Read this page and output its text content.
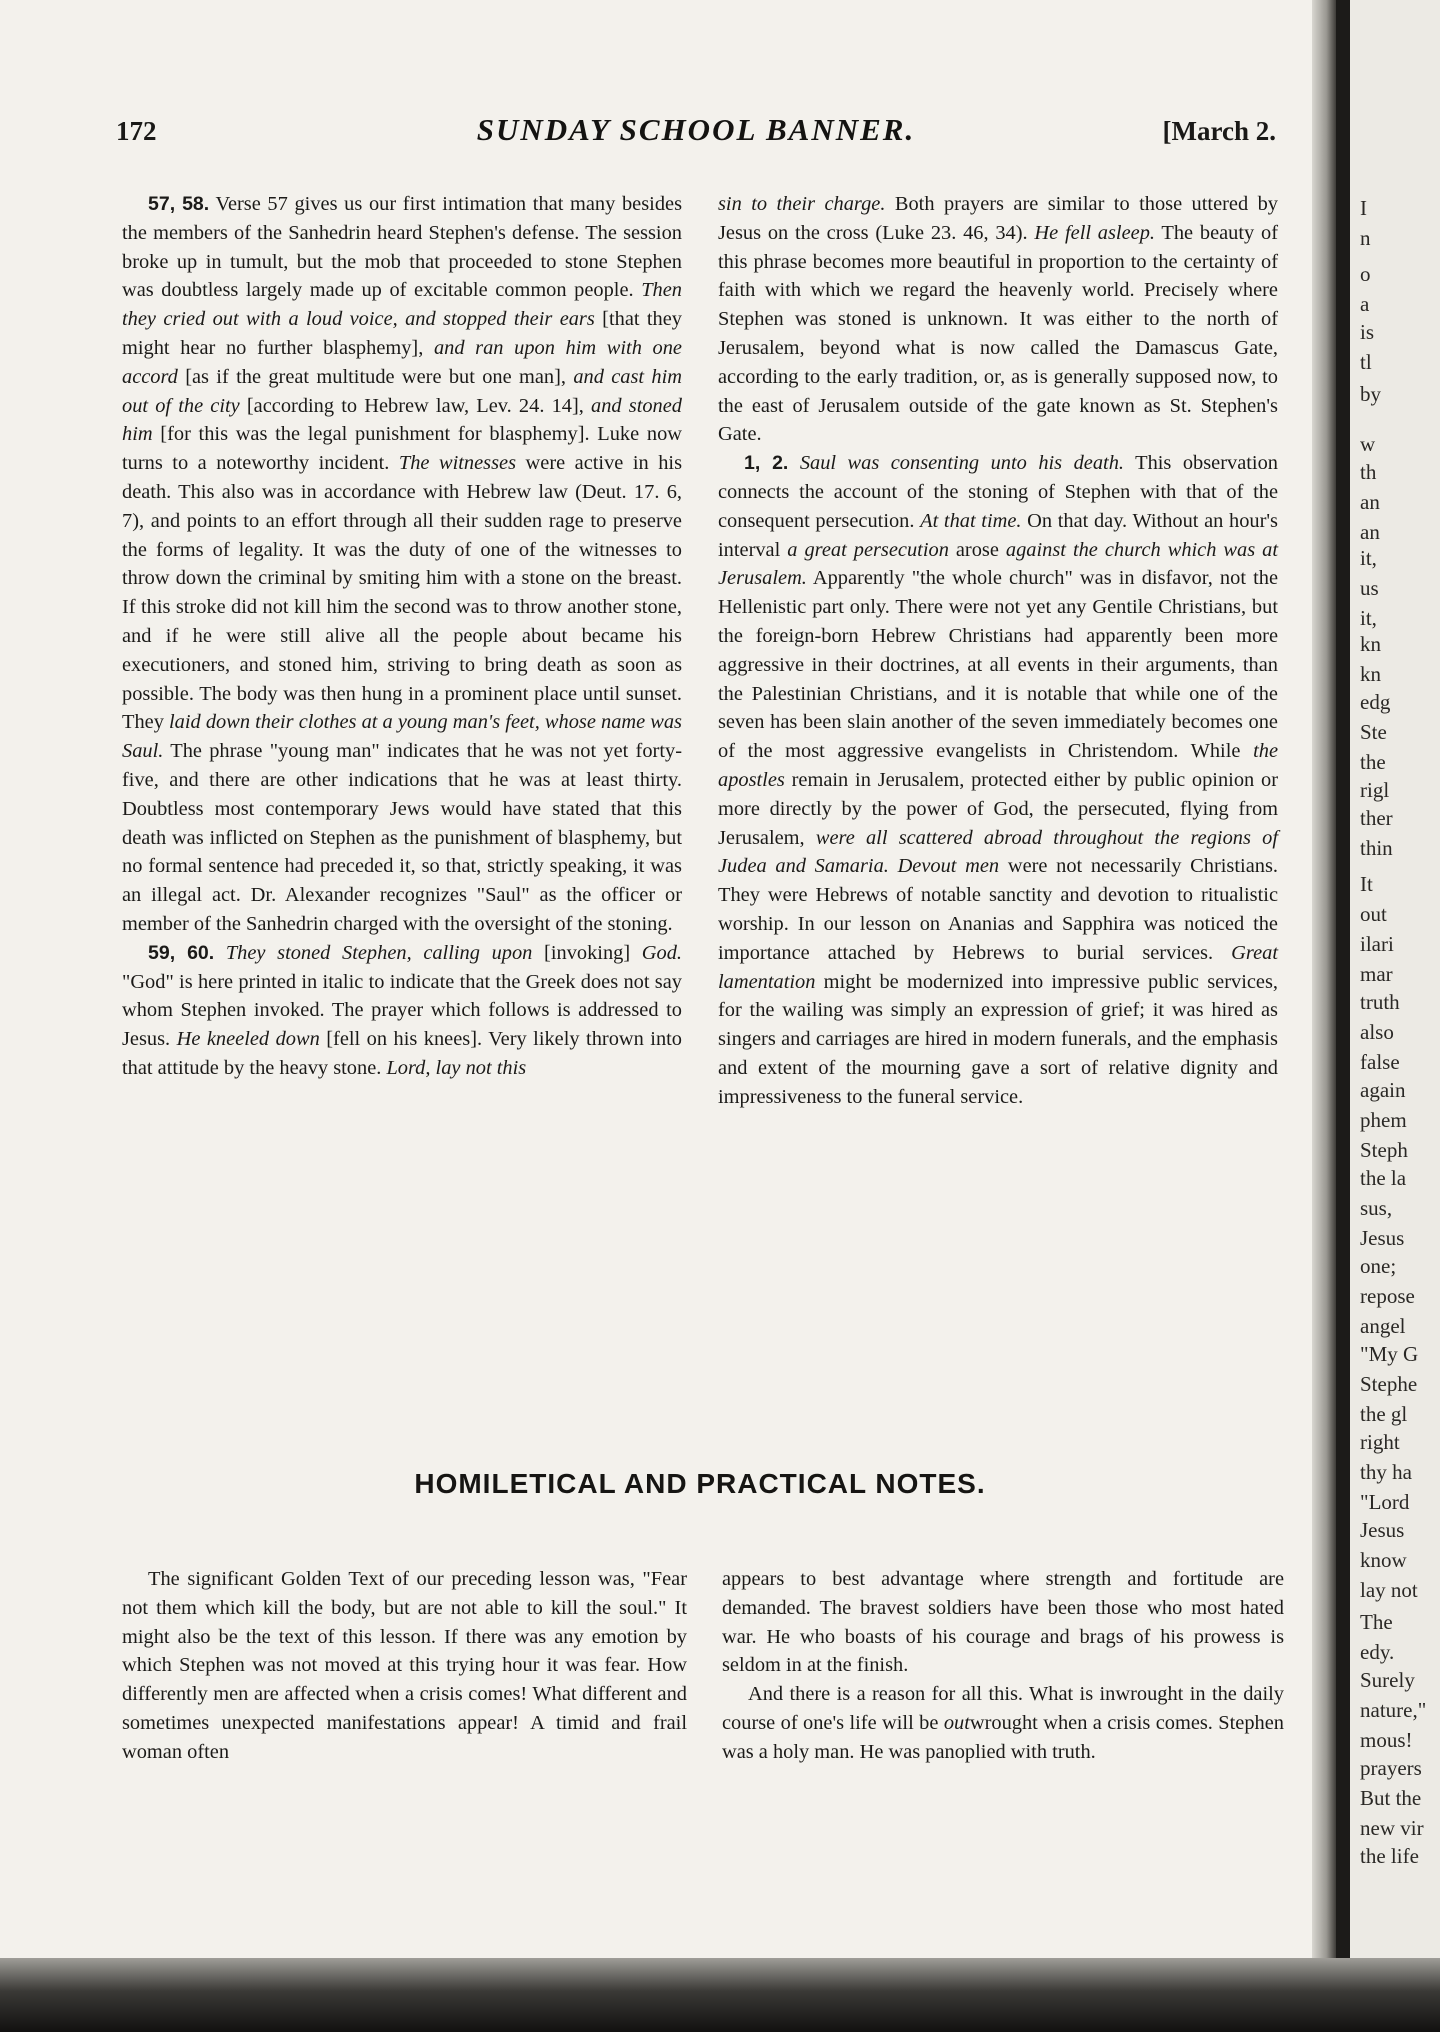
172	SUNDAY SCHOOL BANNER.	[March 2.

57, 58. Verse 57 gives us our first intimation that many besides the members of the Sanhedrin heard Stephen's defense. The session broke up in tumult, but the mob that proceeded to stone Stephen was doubtless largely made up of excitable common people. Then they cried out with a loud voice, and stopped their ears [that they might hear no further blasphemy], and ran upon him with one accord [as if the great multitude were but one man], and cast him out of the city [according to Hebrew law, Lev. 24. 14], and stoned him [for this was the legal punishment for blasphemy]. Luke now turns to a noteworthy incident. The witnesses were active in his death. This also was in accordance with Hebrew law (Deut. 17. 6, 7), and points to an effort through all their sudden rage to preserve the forms of legality. It was the duty of one of the witnesses to throw down the criminal by smiting him with a stone on the breast. If this stroke did not kill him the second was to throw another stone, and if he were still alive all the people about became his executioners, and stoned him, striving to bring death as soon as possible. The body was then hung in a prominent place until sunset. They laid down their clothes at a young man's feet, whose name was Saul. The phrase "young man" indicates that he was not yet forty-five, and there are other indications that he was at least thirty. Doubtless most contemporary Jews would have stated that this death was inflicted on Stephen as the punishment of blasphemy, but no formal sentence had preceded it, so that, strictly speaking, it was an illegal act. Dr. Alexander recognizes "Saul" as the officer or member of the Sanhedrin charged with the oversight of the stoning.

59, 60. They stoned Stephen, calling upon [invoking] God. "God" is here printed in italic to indicate that the Greek does not say whom Stephen invoked. The prayer which follows is addressed to Jesus. He kneeled down [fell on his knees]. Very likely thrown into that attitude by the heavy stone. Lord, lay not this

sin to their charge. Both prayers are similar to those uttered by Jesus on the cross (Luke 23. 46, 34). He fell asleep. The beauty of this phrase becomes more beautiful in proportion to the certainty of faith with which we regard the heavenly world. Precisely where Stephen was stoned is unknown. It was either to the north of Jerusalem, beyond what is now called the Damascus Gate, according to the early tradition, or, as is generally supposed now, to the east of Jerusalem outside of the gate known as St. Stephen's Gate.

1, 2. Saul was consenting unto his death. This observation connects the account of the stoning of Stephen with that of the consequent persecution. At that time. On that day. Without an hour's interval a great persecution arose against the church which was at Jerusalem. Apparently "the whole church" was in disfavor, not the Hellenistic part only. There were not yet any Gentile Christians, but the foreign-born Hebrew Christians had apparently been more aggressive in their doctrines, at all events in their arguments, than the Palestinian Christians, and it is notable that while one of the seven has been slain another of the seven immediately becomes one of the most aggressive evangelists in Christendom. While the apostles remain in Jerusalem, protected either by public opinion or more directly by the power of God, the persecuted, flying from Jerusalem, were all scattered abroad throughout the regions of Judea and Samaria. Devout men were not necessarily Christians. They were Hebrews of notable sanctity and devotion to ritualistic worship. In our lesson on Ananias and Sapphira was noticed the importance attached by Hebrews to burial services. Great lamentation might be modernized into impressive public services, for the wailing was simply an expression of grief; it was hired as singers and carriages are hired in modern funerals, and the emphasis and extent of the mourning gave a sort of relative dignity and impressiveness to the funeral service.

HOMILETICAL AND PRACTICAL NOTES.

The significant Golden Text of our preceding lesson was, "Fear not them which kill the body, but are not able to kill the soul." It might also be the text of this lesson. If there was any emotion by which Stephen was not moved at this trying hour it was fear. How differently men are affected when a crisis comes! What different and sometimes unexpected manifestations appear! A timid and frail woman often

appears to best advantage where strength and fortitude are demanded. The bravest soldiers have been those who most hated war. He who boasts of his courage and brags of his prowess is seldom in at the finish.

And there is a reason for all this. What is inwrought in the daily course of one's life will be outwrought when a crisis comes. Stephen was a holy man. He was panoplied with truth.

I
n
o
a
is
tl
by
w
th
an
an
it,
us
it,
kn
kn
edg
Ste
the
rigl
ther
thin
It
out
ilari
mar
truth
also
false
again
phem
Steph
the la
sus,
Jesus
one;
repose
angel
"My G
Stephe
the gl
right
thy ha
"Lord
Jesus
know
lay not
The
edy.
Surely
nature,"
mous!
prayers
But the
new vir
the life
